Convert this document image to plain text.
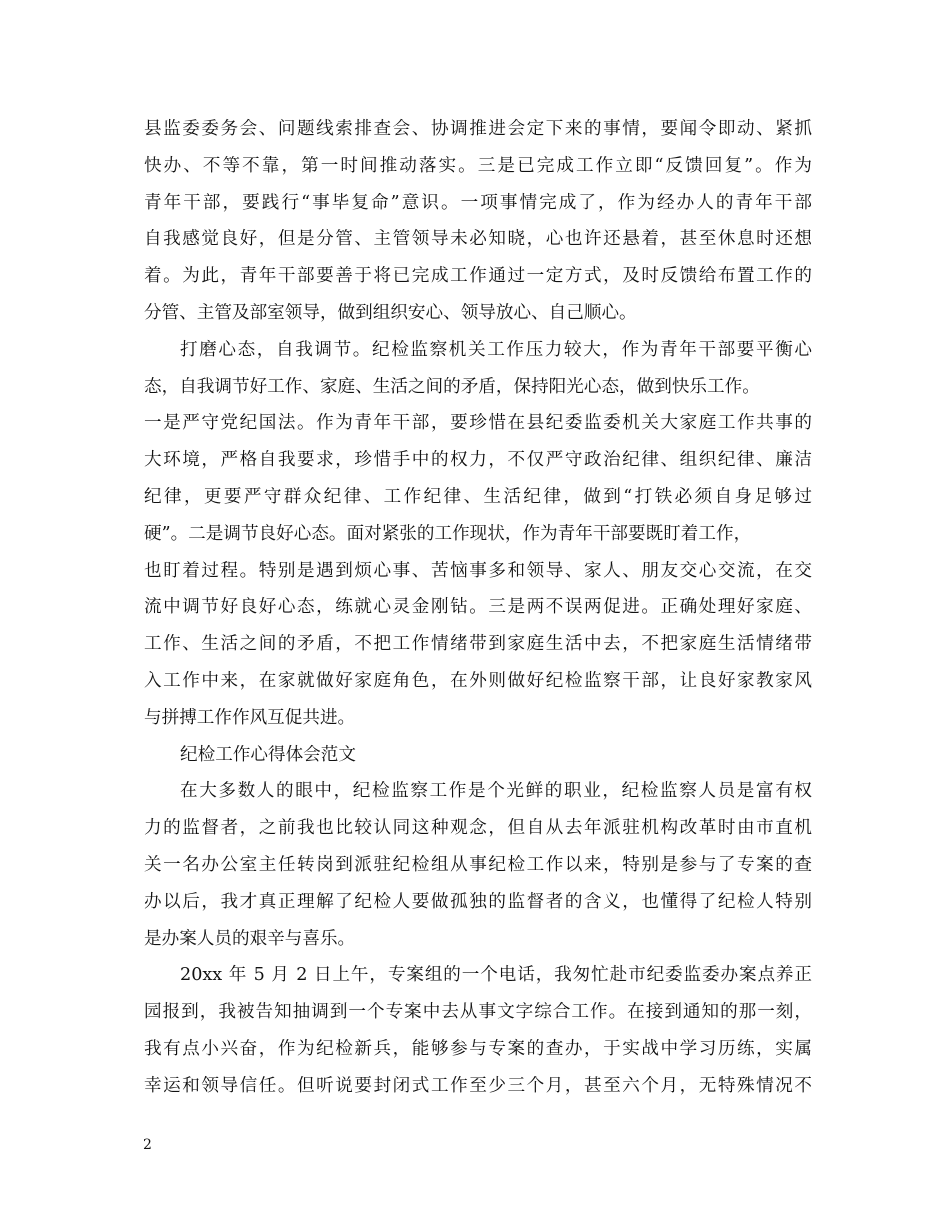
县监委委务会、问题线索排查会、协调推进会定下来的事情，要闻令即动、紧抓
快办、不等不靠，第一时间推动落实。三是已完成工作立即“反馈回复”。作为
青年干部，要践行“事毕复命”意识。一项事情完成了，作为经办人的青年干部
自我感觉良好，但是分管、主管领导未必知晓，心也许还悬着，甚至休息时还想
着。为此，青年干部要善于将已完成工作通过一定方式，及时反馈给布置工作的
分管、主管及部室领导，做到组织安心、领导放心、自己顺心。
打磨心态，自我调节。纪检监察机关工作压力较大，作为青年干部要平衡心
态，自我调节好工作、家庭、生活之间的矛盾，保持阳光心态，做到快乐工作。
一是严守党纪国法。作为青年干部，要珍惜在县纪委监委机关大家庭工作共事的
大环境，严格自我要求，珍惜手中的权力，不仅严守政治纪律、组织纪律、廉洁
纪律，更要严守群众纪律、工作纪律、生活纪律，做到“打铁必须自身足够过
硬”。二是调节良好心态。面对紧张的工作现状，作为青年干部要既盯着工作，
也盯着过程。特别是遇到烦心事、苦恼事多和领导、家人、朋友交心交流，在交
流中调节好良好心态，练就心灵金刚钻。三是两不误两促进。正确处理好家庭、
工作、生活之间的矛盾，不把工作情绪带到家庭生活中去，不把家庭生活情绪带
入工作中来，在家就做好家庭角色，在外则做好纪检监察干部，让良好家教家风
与拼搏工作作风互促共进。
纪检工作心得体会范文
在大多数人的眼中，纪检监察工作是个光鲜的职业，纪检监察人员是富有权
力的监督者，之前我也比较认同这种观念，但自从去年派驻机构改革时由市直机
关一名办公室主任转岗到派驻纪检组从事纪检工作以来，特别是参与了专案的查
办以后，我才真正理解了纪检人要做孤独的监督者的含义，也懂得了纪检人特别
是办案人员的艰辛与喜乐。
20xx 年 5 月 2 日上午，专案组的一个电话，我匆忙赴市纪委监委办案点养正
园报到，我被告知抽调到一个专案中去从事文字综合工作。在接到通知的那一刻，
我有点小兴奋，作为纪检新兵，能够参与专案的查办，于实战中学习历练，实属
幸运和领导信任。但听说要封闭式工作至少三个月，甚至六个月，无特殊情况不
2
